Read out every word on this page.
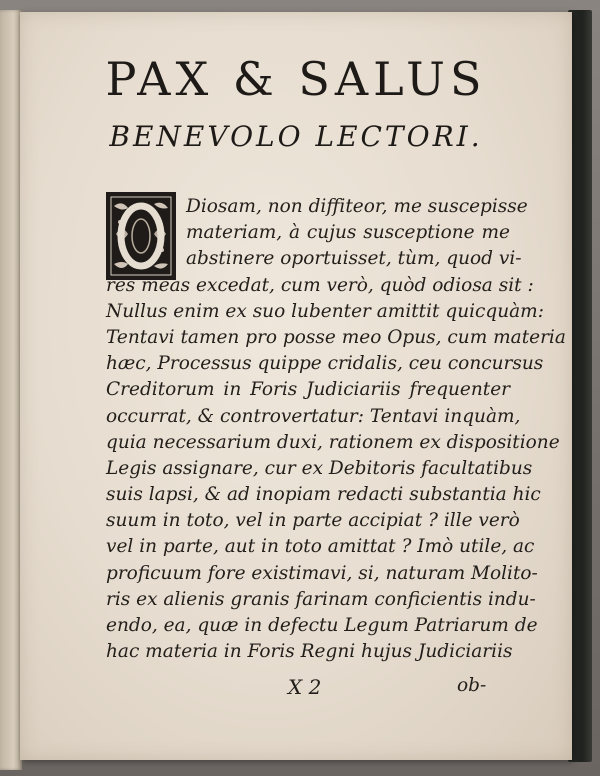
PAX & SALUS
BENEVOLO LECTORI.
Diosam, non diffiteor, me suscepisse
materiam, à cujus susceptione me
abstinere oportuisset, tùm, quod vi-
res meas excedat, cum verò, quòd odiosa sit :
Nullus enim ex suo lubenter amittit quicquàm:
Tentavi tamen pro posse meo Opus, cum materia
hæc, Processus quippe cridalis, ceu concursus
Creditorum in Foris Judiciariis frequenter
occurrat, & controvertatur: Tentavi inquàm,
quia necessarium duxi, rationem ex dispositione
Legis assignare, cur ex Debitoris facultatibus
suis lapsi, & ad inopiam redacti substantia hic
suum in toto, vel in parte accipiat ? ille verò
vel in parte, aut in toto amittat ? Imò utile, ac
proficuum fore existimavi, si, naturam Molito-
ris ex alienis granis farinam conficientis indu-
endo, ea, quæ in defectu Legum Patriarum de
hac materia in Foris Regni hujus Judiciariis
X 2	ob-
